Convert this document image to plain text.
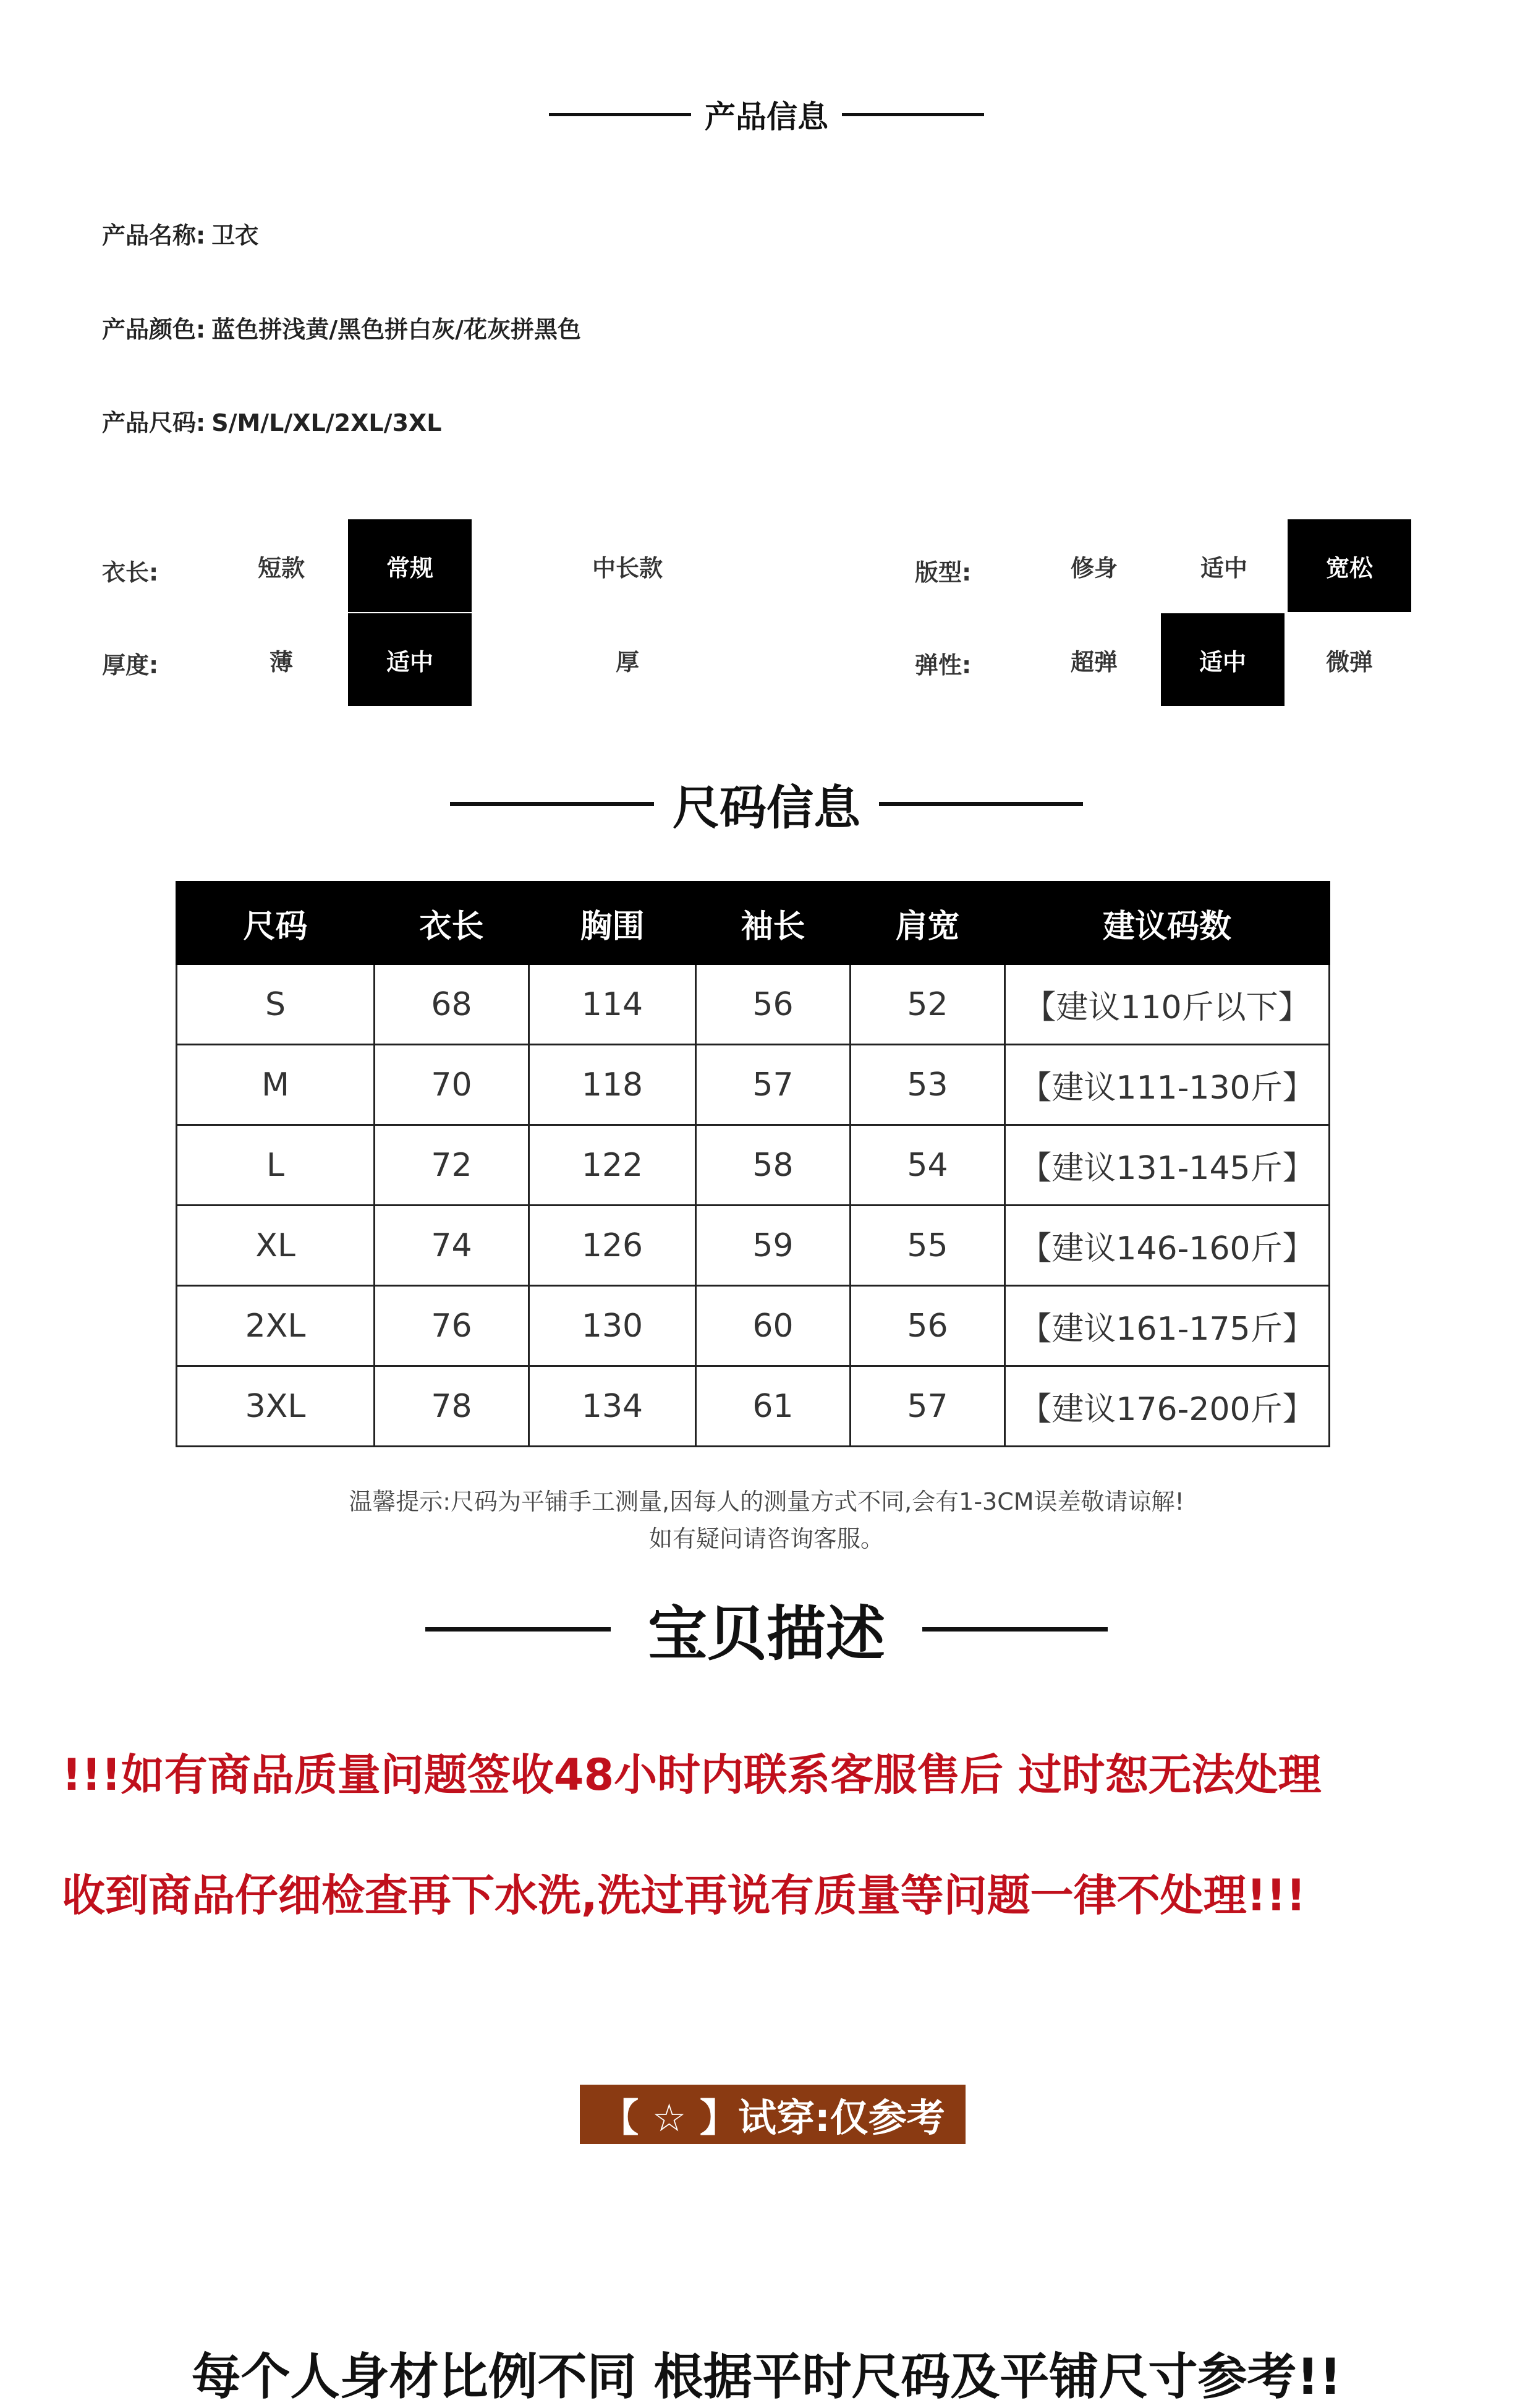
产品信息
产品名称: 卫衣
产品颜色: 蓝色拼浅黄/黑色拼白灰/花灰拼黑色
产品尺码: S/M/L/XL/2XL/3XL
衣长:	短款	常规	中长款	版型:	修身	适中	宽松
厚度:	薄	适中	厚	弹性:	超弹	适中	微弹
尺码信息
尺码	衣长	胸围	袖长	肩宽	建议码数
S	68	114	56	52	【建议110斤以下】
M	70	118	57	53	【建议111-130斤】
L	72	122	58	54	【建议131-145斤】
XL	74	126	59	55	【建议146-160斤】
2XL	76	130	60	56	【建议161-175斤】
3XL	78	134	61	57	【建议176-200斤】
温馨提示:尺码为平铺手工测量,因每人的测量方式不同,会有1-3CM误差敬请谅解!
如有疑问请咨询客服。
宝贝描述
!!!如有商品质量问题签收48小时内联系客服售后 过时恕无法处理
收到商品仔细检查再下水洗,洗过再说有质量等问题一律不处理!!!
【 ☆ 】试穿:仅参考
每个人身材比例不同 根据平时尺码及平铺尺寸参考!!
